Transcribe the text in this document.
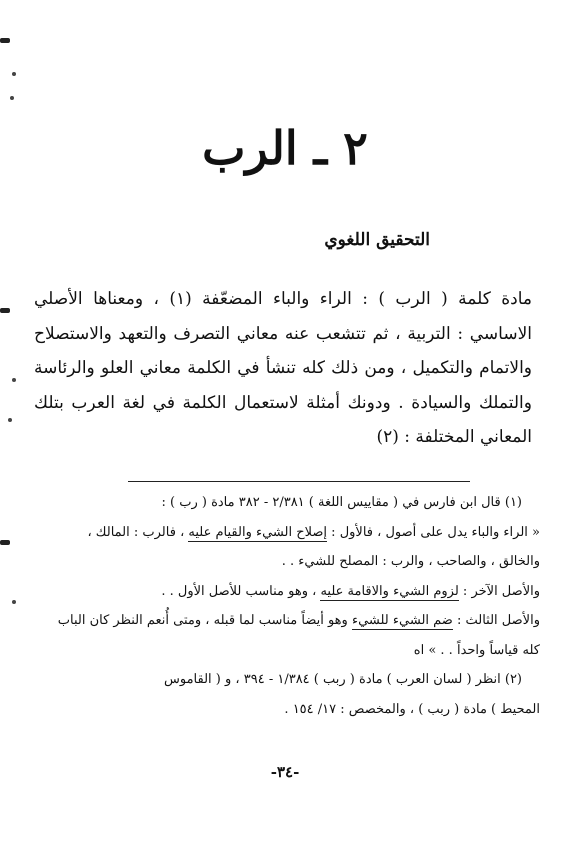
٢ ـ الرب
التحقيق اللغوي
مادة كلمة ( الرب ) : الراء والباء المضعّفة (١) ، ومعناها الأصلي الاساسي : التربية ، ثم تتشعب عنه معاني التصرف والتعهد والاستصلاح والاتمام والتكميل ، ومن ذلك كله تنشأ في الكلمة معاني العلو والرئاسة والتملك والسيادة . ودونك أمثلة لاستعمال الكلمة في لغة العرب بتلك المعاني المختلفة : (٢)
(١) قال ابن فارس في ( مقاييس اللغة ) ٢/٣٨١ - ٣٨٢ مادة ( رب ) :
« الراء والباء يدل على أصول ، فالأول : إصلاح الشيء والقيام عليه ، فالرب : المالك ،
والخالق ، والصاحب ، والرب : المصلح للشيء . .
والأصل الآخر : لزوم الشيء والاقامة عليه ، وهو مناسب للأصل الأول . .
والأصل الثالث : ضم الشيء للشيء وهو أيضاً مناسب لما قبله ، ومتى أُنعم النظر كان الباب
كله قياساً واحداً . . » اه
(٢) انظر ( لسان العرب ) مادة ( ربب ) ١/٣٨٤ - ٣٩٤ ، و ( القاموس
المحيط ) مادة ( ربب ) ، والمخصص : ١٧/ ١٥٤ .
-٣٤-
